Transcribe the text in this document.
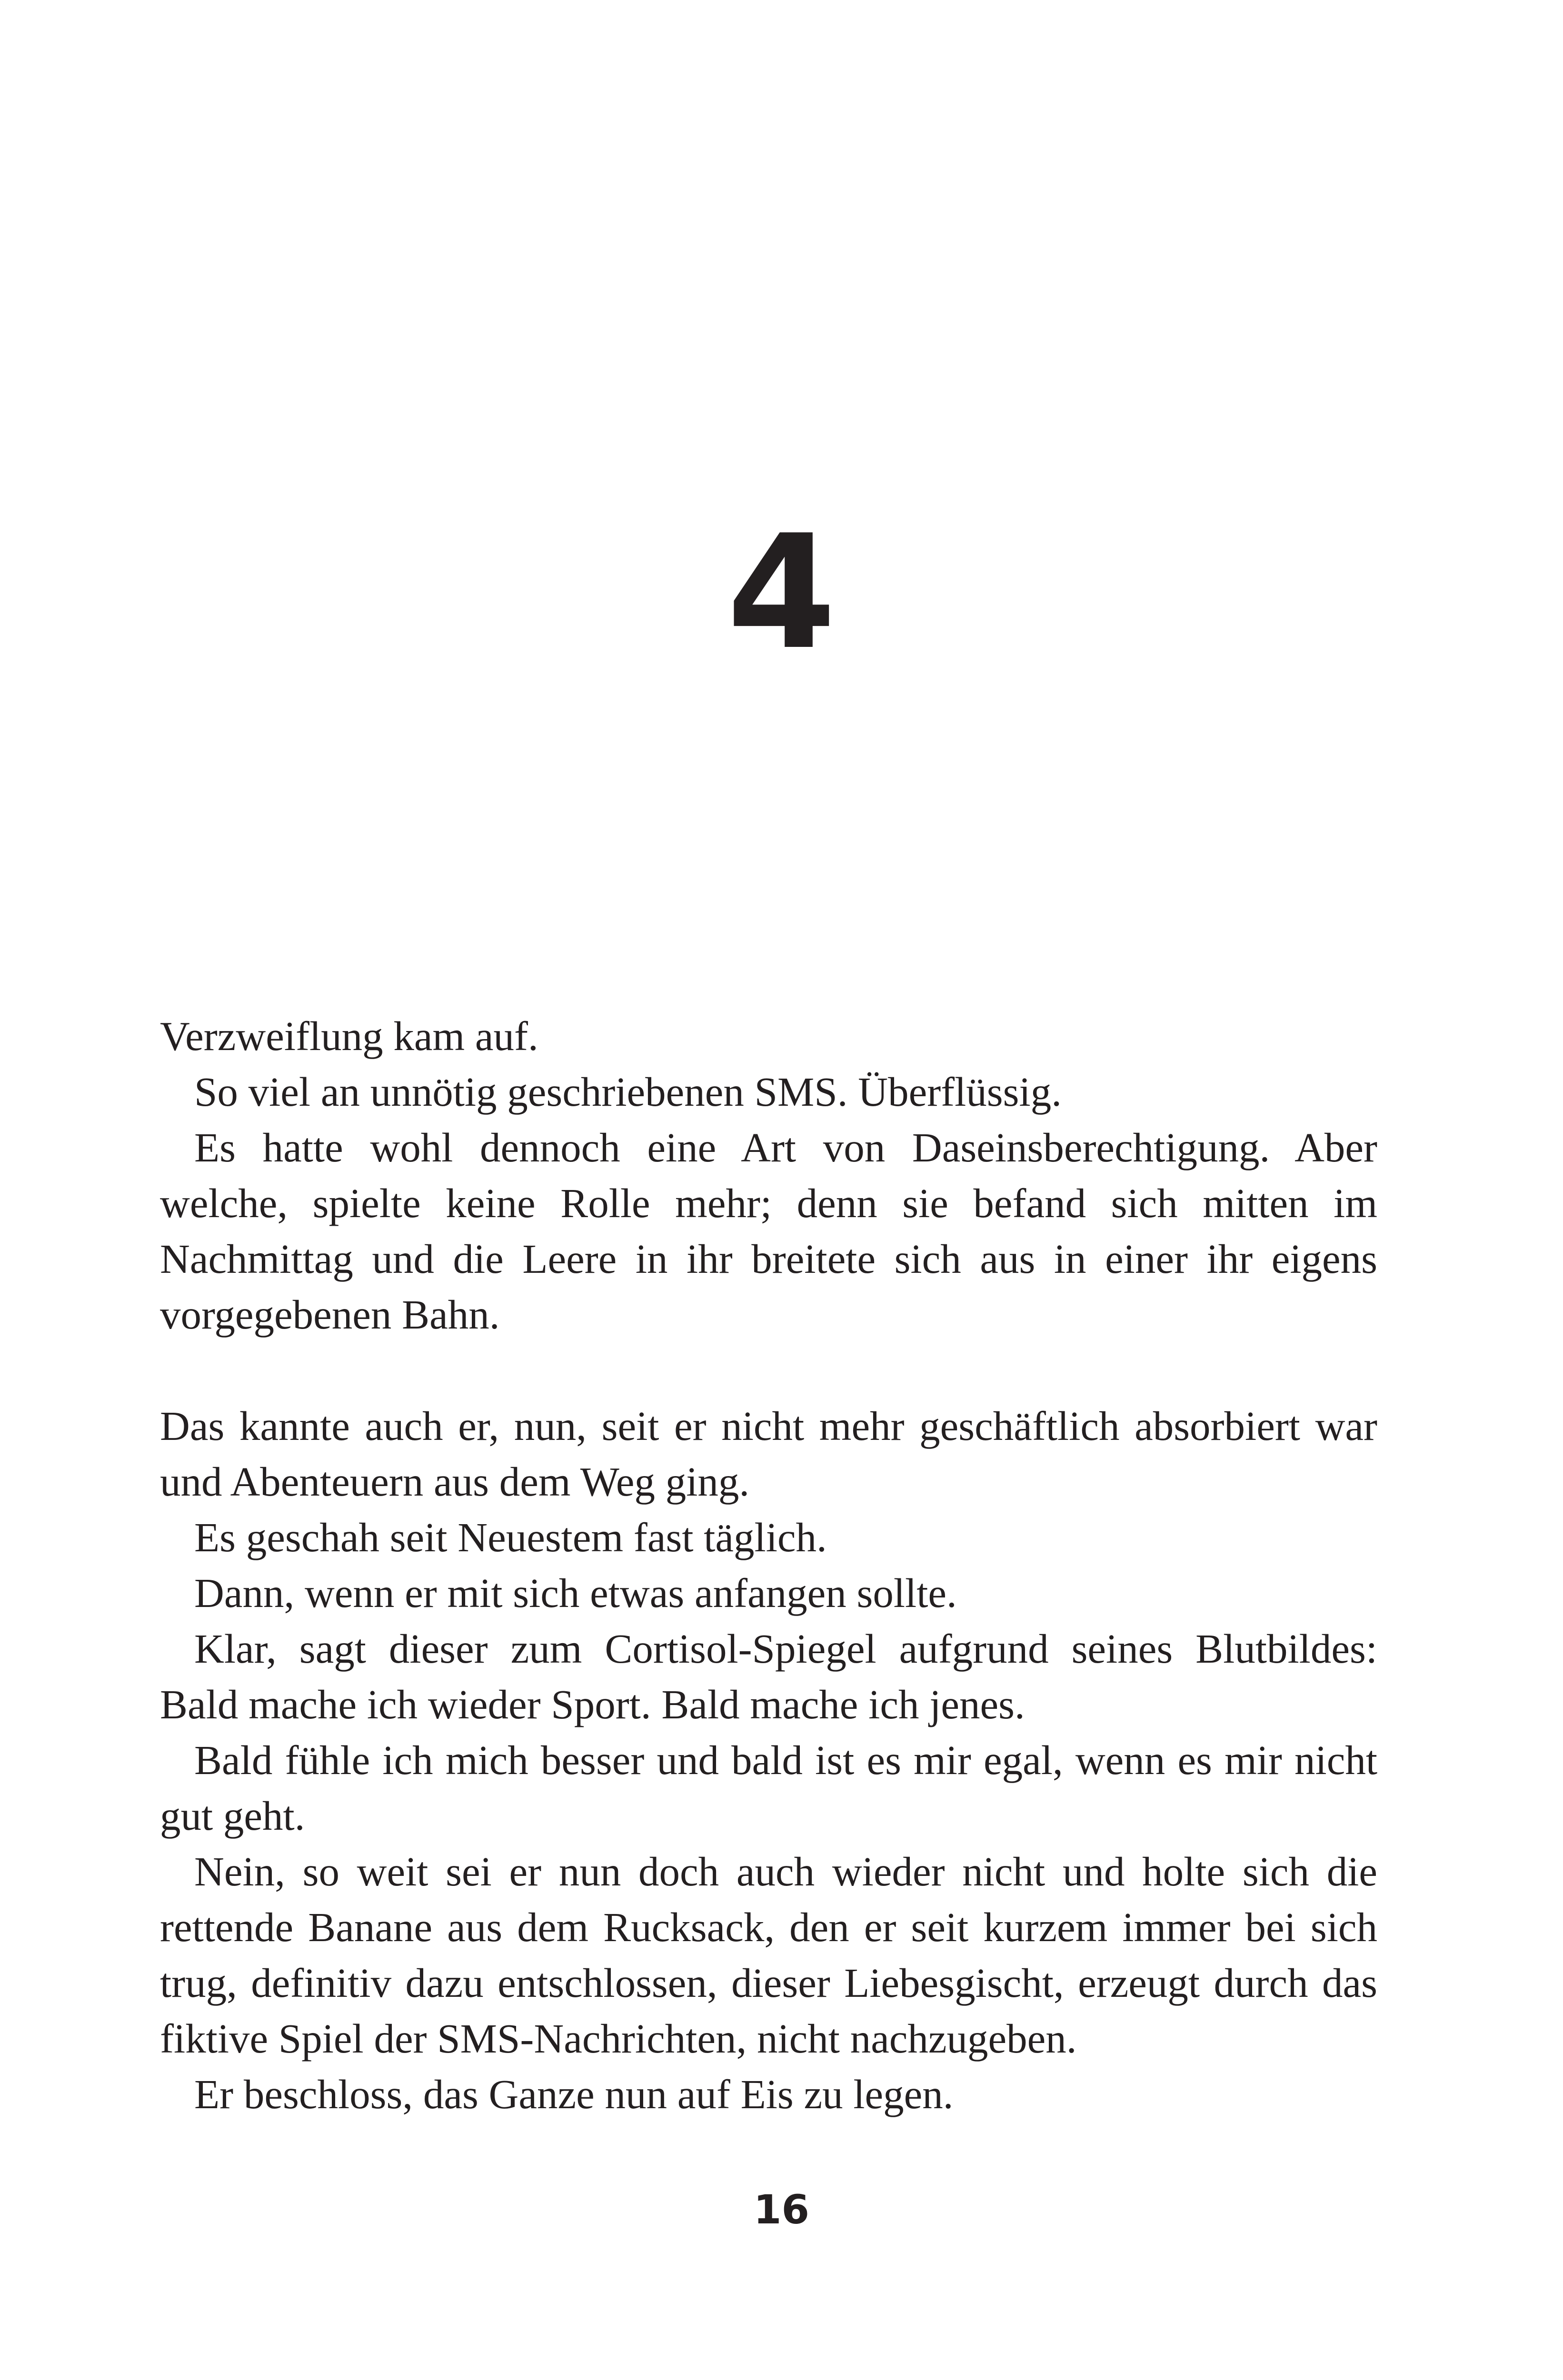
4

Verzweiflung kam auf.

So viel an unnötig geschriebenen SMS. Überflüssig.

Es hatte wohl dennoch eine Art von Daseinsberechtigung. Aber welche, spielte keine Rolle mehr; denn sie befand sich mitten im Nachmittag und die Leere in ihr breitete sich aus in einer ihr eigens vorgegebenen Bahn.

Das kannte auch er, nun, seit er nicht mehr geschäftlich absorbiert war und Abenteuern aus dem Weg ging.

Es geschah seit Neuestem fast täglich.

Dann, wenn er mit sich etwas anfangen sollte.

Klar, sagt dieser zum Cortisol-Spiegel aufgrund seines Blutbildes: Bald mache ich wieder Sport. Bald mache ich jenes.

Bald fühle ich mich besser und bald ist es mir egal, wenn es mir nicht gut geht.

Nein, so weit sei er nun doch auch wieder nicht und holte sich die rettende Banane aus dem Rucksack, den er seit kurzem immer bei sich trug, definitiv dazu entschlossen, dieser Liebesgischt, erzeugt durch das fiktive Spiel der SMS-Nachrichten, nicht nachzugeben.

Er beschloss, das Ganze nun auf Eis zu legen.

16
